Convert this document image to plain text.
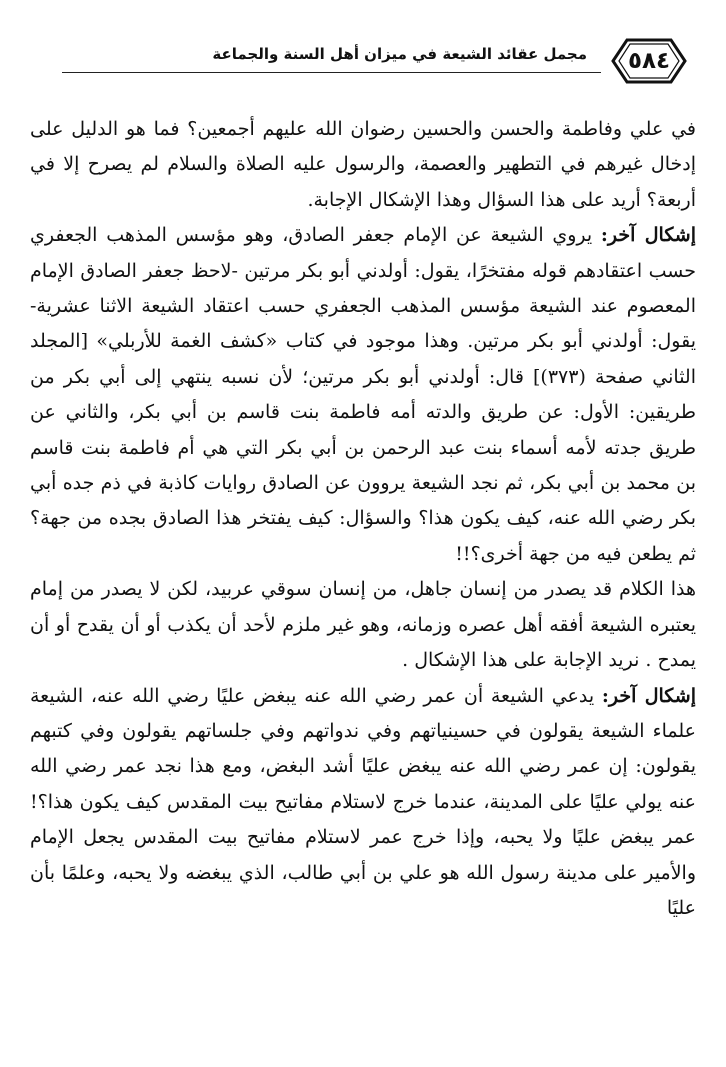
٥٨٤
مجمل عقائد الشيعة في ميزان أهل السنة والجماعة

في علي وفاطمة والحسن والحسين رضوان الله عليهم أجمعين؟ فما هو الدليل على إدخال غيرهم في التطهير والعصمة، والرسول عليه الصلاة والسلام لم يصرح إلا في أربعة؟ أريد على هذا السؤال وهذا الإشكال الإجابة.

إشكال آخر: يروي الشيعة عن الإمام جعفر الصادق، وهو مؤسس المذهب الجعفري حسب اعتقادهم قوله مفتخرًا، يقول: أولدني أبو بكر مرتين -لاحظ جعفر الصادق الإمام المعصوم عند الشيعة مؤسس المذهب الجعفري حسب اعتقاد الشيعة الاثنا عشرية- يقول: أولدني أبو بكر مرتين. وهذا موجود في كتاب «كشف الغمة للأربلي» [المجلد الثاني صفحة (٣٧٣)] قال: أولدني أبو بكر مرتين؛ لأن نسبه ينتهي إلى أبي بكر من طريقين: الأول: عن طريق والدته أمه فاطمة بنت قاسم بن أبي بكر، والثاني عن طريق جدته لأمه أسماء بنت عبد الرحمن بن أبي بكر التي هي أم فاطمة بنت قاسم بن محمد بن أبي بكر، ثم نجد الشيعة يروون عن الصادق روايات كاذبة في ذم جده أبي بكر رضي الله عنه، كيف يكون هذا؟ والسؤال: كيف يفتخر هذا الصادق بجده من جهة؟ ثم يطعن فيه من جهة أخرى؟!!

هذا الكلام قد يصدر من إنسان جاهل، من إنسان سوقي عربيد، لكن لا يصدر من إمام يعتبره الشيعة أفقه أهل عصره وزمانه، وهو غير ملزم لأحد أن يكذب أو أن يقدح أو أن يمدح . نريد الإجابة على هذا الإشكال .

إشكال آخر: يدعي الشيعة أن عمر رضي الله عنه يبغض عليًا رضي الله عنه، الشيعة علماء الشيعة يقولون في حسينياتهم وفي ندواتهم وفي جلساتهم يقولون وفي كتبهم يقولون: إن عمر رضي الله عنه يبغض عليًا أشد البغض، ومع هذا نجد عمر رضي الله عنه يولي عليًا على المدينة، عندما خرج لاستلام مفاتيح بيت المقدس كيف يكون هذا؟! عمر يبغض عليًا ولا يحبه، وإذا خرج عمر لاستلام مفاتيح بيت المقدس يجعل الإمام والأمير على مدينة رسول الله هو علي بن أبي طالب، الذي يبغضه ولا يحبه، وعلمًا بأن عليًا
